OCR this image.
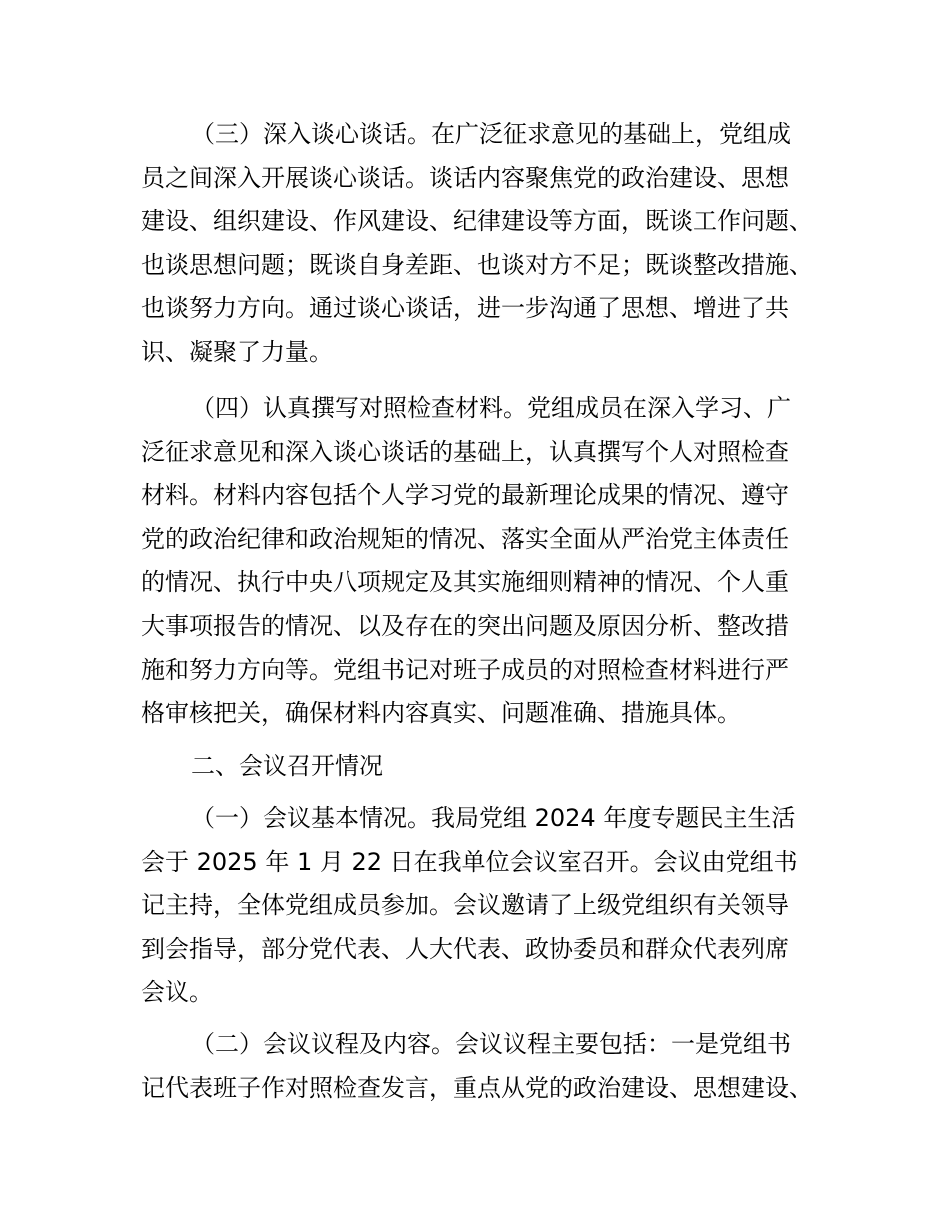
（三）深入谈心谈话。在广泛征求意见的基础上，党组成
员之间深入开展谈心谈话。谈话内容聚焦党的政治建设、思想
建设、组织建设、作风建设、纪律建设等方面，既谈工作问题、
也谈思想问题；既谈自身差距、也谈对方不足；既谈整改措施、
也谈努力方向。通过谈心谈话，进一步沟通了思想、增进了共
识、凝聚了力量。
（四）认真撰写对照检查材料。党组成员在深入学习、广
泛征求意见和深入谈心谈话的基础上，认真撰写个人对照检查
材料。材料内容包括个人学习党的最新理论成果的情况、遵守
党的政治纪律和政治规矩的情况、落实全面从严治党主体责任
的情况、执行中央八项规定及其实施细则精神的情况、个人重
大事项报告的情况、以及存在的突出问题及原因分析、整改措
施和努力方向等。党组书记对班子成员的对照检查材料进行严
格审核把关，确保材料内容真实、问题准确、措施具体。
二、会议召开情况
（一）会议基本情况。我局党组 2024 年度专题民主生活
会于 2025 年 1 月 22 日在我单位会议室召开。会议由党组书
记主持，全体党组成员参加。会议邀请了上级党组织有关领导
到会指导，部分党代表、人大代表、政协委员和群众代表列席
会议。
（二）会议议程及内容。会议议程主要包括：一是党组书
记代表班子作对照检查发言，重点从党的政治建设、思想建设、
